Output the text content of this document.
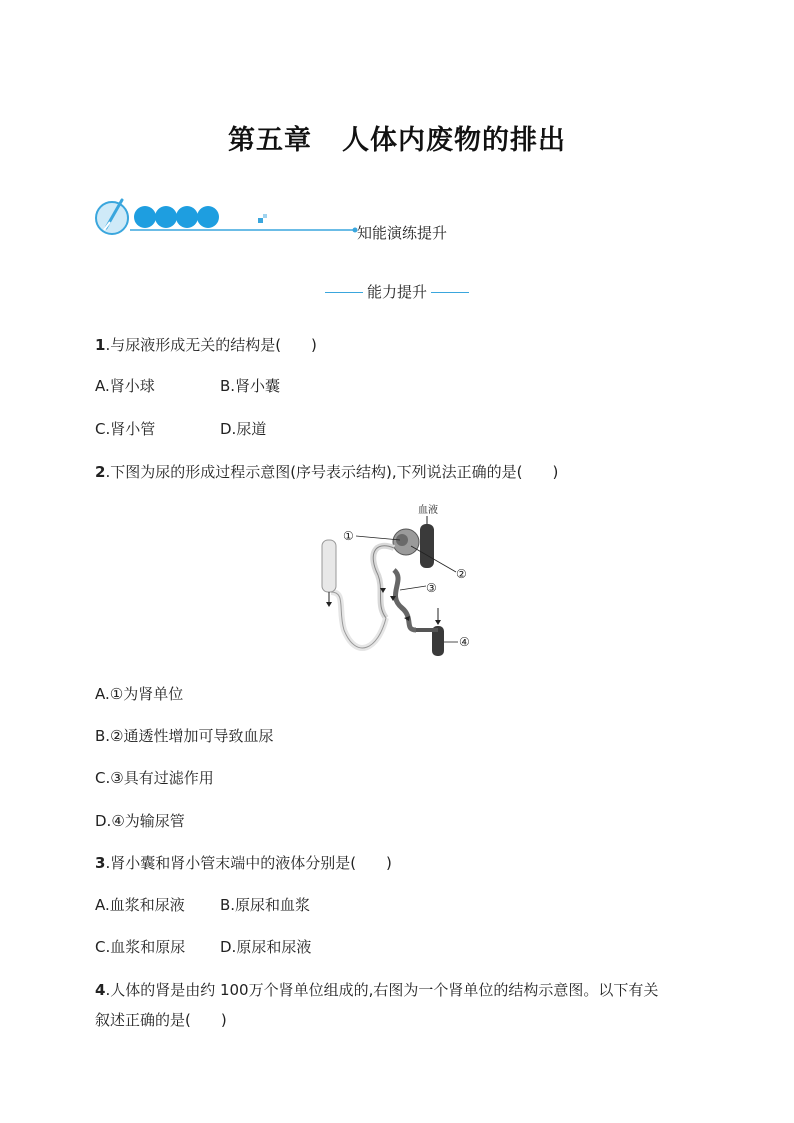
第五章 人体内废物的排出
知能演练提升
能力提升
1.与尿液形成无关的结构是(　　)
A.肾小球	B.肾小囊
C.肾小管	D.尿道
2.下图为尿的形成过程示意图(序号表示结构),下列说法正确的是(　　)
血液
①
②
③
④
A.①为肾单位
B.②通透性增加可导致血尿
C.③具有过滤作用
D.④为输尿管
3.肾小囊和肾小管末端中的液体分别是(　　)
A.血浆和尿液 B.原尿和血浆
C.血浆和原尿 D.原尿和尿液
4.人体的肾是由约 100万个肾单位组成的,右图为一个肾单位的结构示意图。以下有关
叙述正确的是(　　)
